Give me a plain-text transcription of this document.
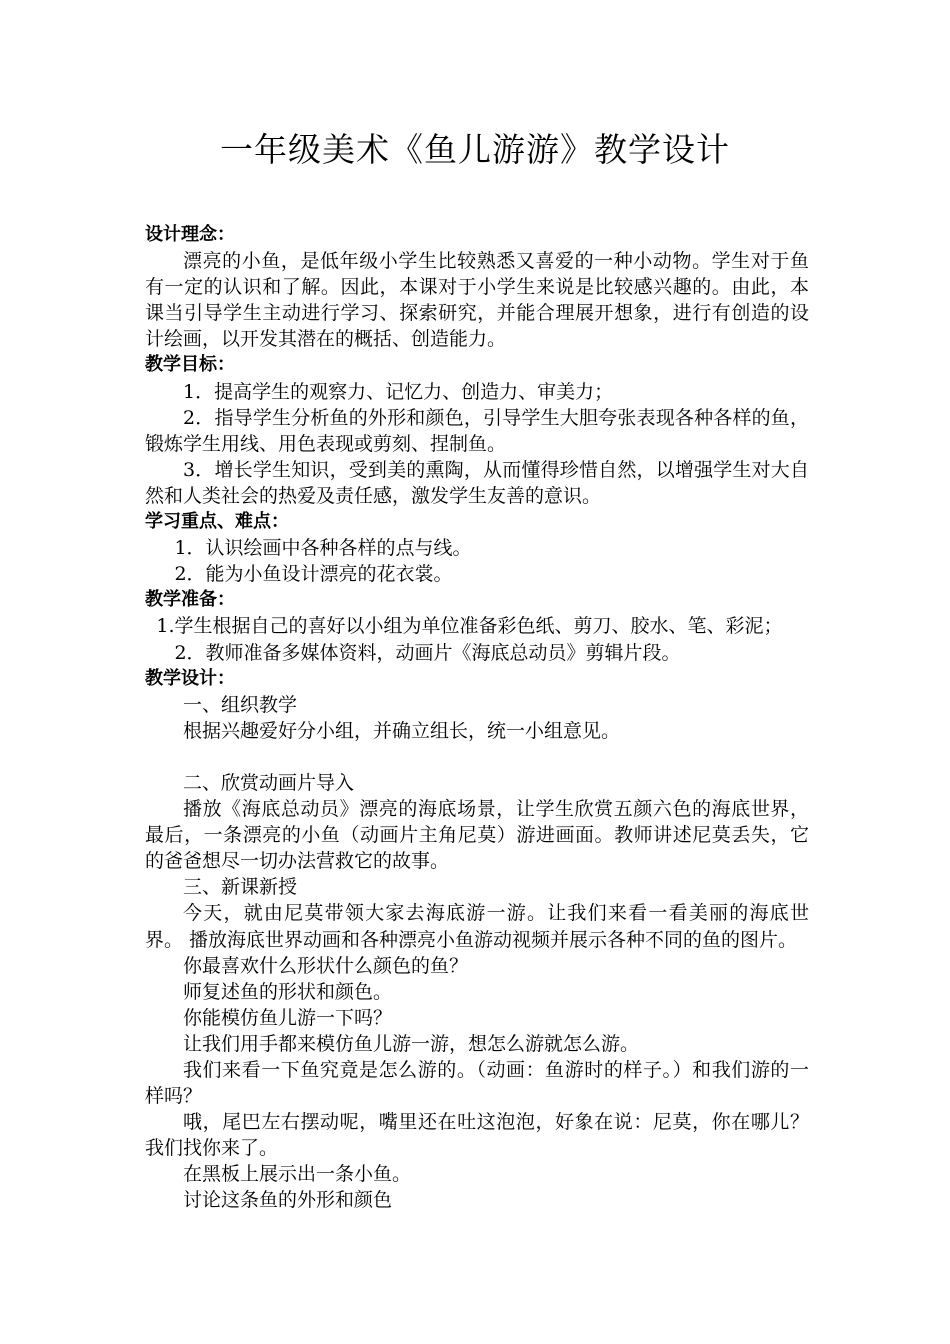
一年级美术《鱼儿游游》教学设计

设计理念：

漂亮的小鱼，是低年级小学生比较熟悉又喜爱的一种小动物。学生对于鱼有一定的认识和了解。因此，本课对于小学生来说是比较感兴趣的。由此，本课当引导学生主动进行学习、探索研究，并能合理展开想象，进行有创造的设计绘画，以开发其潜在的概括、创造能力。

教学目标：

1．提高学生的观察力、记忆力、创造力、审美力；

2．指导学生分析鱼的外形和颜色，引导学生大胆夸张表现各种各样的鱼，锻炼学生用线、用色表现或剪刻、捏制鱼。

3．增长学生知识，受到美的熏陶，从而懂得珍惜自然，以增强学生对大自然和人类社会的热爱及责任感，激发学生友善的意识。

学习重点、难点：

1．认识绘画中各种各样的点与线。

2．能为小鱼设计漂亮的花衣裳。

教学准备：

1.学生根据自己的喜好以小组为单位准备彩色纸、剪刀、胶水、笔、彩泥；

2．教师准备多媒体资料，动画片《海底总动员》剪辑片段。

教学设计：

一、组织教学

根据兴趣爱好分小组，并确立组长，统一小组意见。

二、欣赏动画片导入

播放《海底总动员》漂亮的海底场景，让学生欣赏五颜六色的海底世界，最后，一条漂亮的小鱼（动画片主角尼莫）游进画面。教师讲述尼莫丢失，它的爸爸想尽一切办法营救它的故事。

三、新课新授

今天，就由尼莫带领大家去海底游一游。让我们来看一看美丽的海底世界。 播放海底世界动画和各种漂亮小鱼游动视频并展示各种不同的鱼的图片。

你最喜欢什么形状什么颜色的鱼？

师复述鱼的形状和颜色。

你能模仿鱼儿游一下吗？

让我们用手都来模仿鱼儿游一游，想怎么游就怎么游。

我们来看一下鱼究竟是怎么游的。（动画：鱼游时的样子。）和我们游的一样吗？

哦，尾巴左右摆动呢，嘴里还在吐这泡泡，好象在说：尼莫，你在哪儿？我们找你来了。

在黑板上展示出一条小鱼。

讨论这条鱼的外形和颜色
